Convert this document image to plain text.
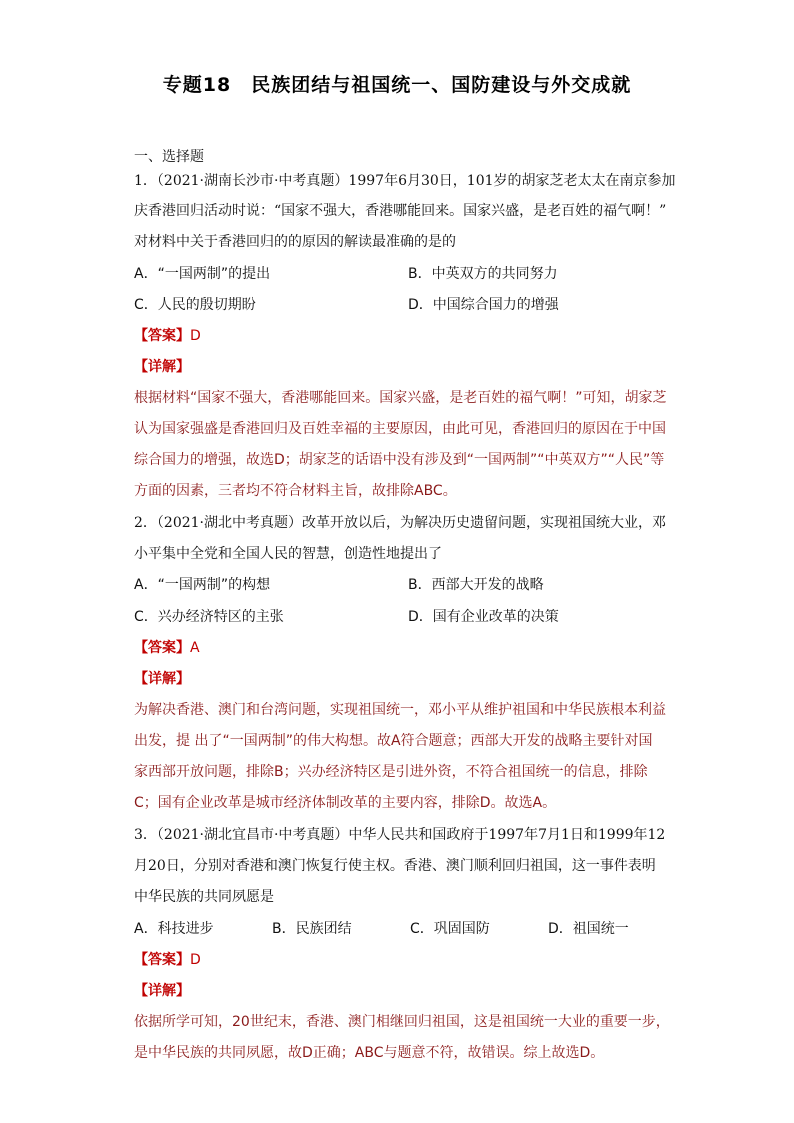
专题18　民族团结与祖国统一、国防建设与外交成就
一、选择题
1．（2021·湖南长沙市·中考真题）1997年6月30日，101岁的胡家芝老太太在南京参加
庆香港回归活动时说：“国家不强大，香港哪能回来。国家兴盛，是老百姓的福气啊！”
对材料中关于香港回归的的原因的解读最准确的是的
A．“一国两制”的提出	B．中英双方的共同努力
C．人民的殷切期盼	D．中国综合国力的增强
【答案】D
【详解】
根据材料“国家不强大，香港哪能回来。国家兴盛，是老百姓的福气啊！”可知，胡家芝
认为国家强盛是香港回归及百姓幸福的主要原因，由此可见，香港回归的原因在于中国
综合国力的增强，故选D；胡家芝的话语中没有涉及到“一国两制”“中英双方”“人民”等
方面的因素，三者均不符合材料主旨，故排除ABC。
2．（2021·湖北中考真题）改革开放以后，为解决历史遗留问题，实现祖国统大业，邓
小平集中全党和全国人民的智慧，创造性地提出了
A．“一国两制”的构想	B．西部大开发的战略
C．兴办经济特区的主张	D．国有企业改革的决策
【答案】A
【详解】
为解决香港、澳门和台湾问题，实现祖国统一，邓小平从维护祖国和中华民族根本利益
出发，提 出了“一国两制”的伟大构想。故A符合题意；西部大开发的战略主要针对国
家西部开放问题，排除B；兴办经济特区是引进外资，不符合祖国统一的信息，排除
C；国有企业改革是城市经济体制改革的主要内容，排除D。故选A。
3．（2021·湖北宜昌市·中考真题）中华人民共和国政府于1997年7月1日和1999年12
月20日，分别对香港和澳门恢复行使主权。香港、澳门顺利回归祖国，这一事件表明
中华民族的共同夙愿是
A．科技进步	B．民族团结	C．巩固国防	D．祖国统一
【答案】D
【详解】
依据所学可知，20世纪末，香港、澳门相继回归祖国，这是祖国统一大业的重要一步，
是中华民族的共同夙愿，故D正确；ABC与题意不符，故错误。综上故选D。
